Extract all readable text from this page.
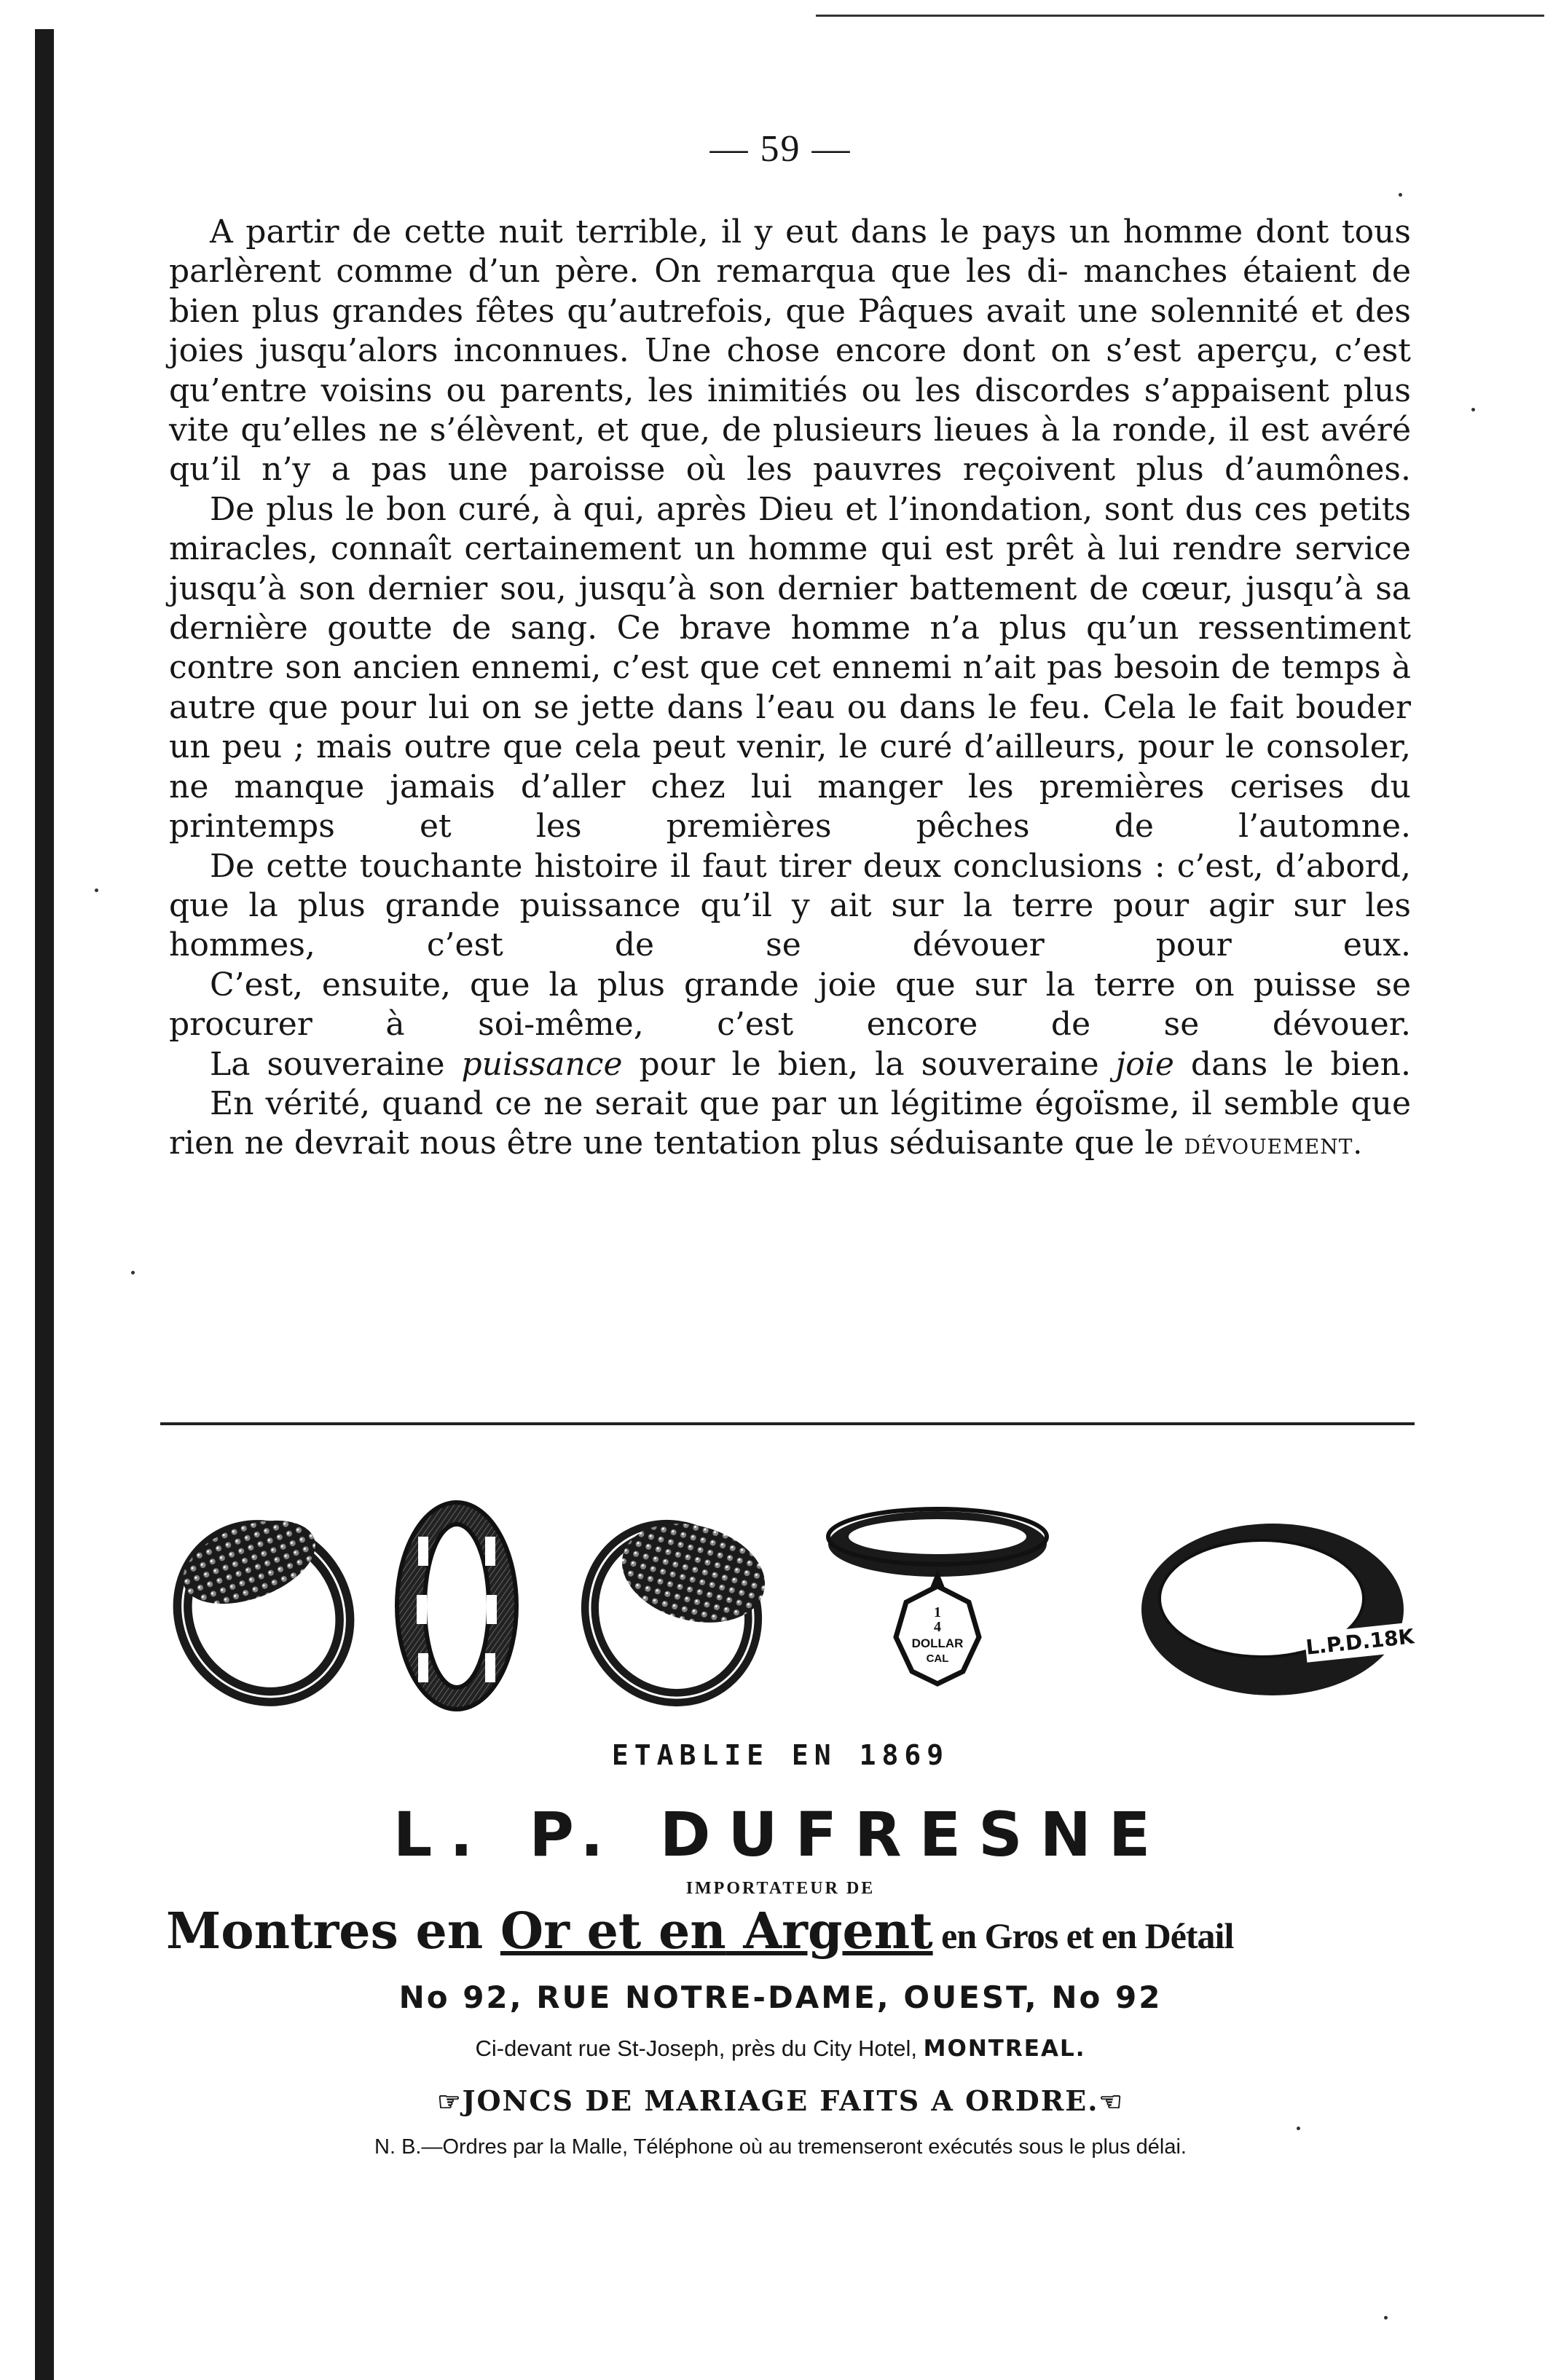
— 59 —

A partir de cette nuit terrible, il y eut dans le pays un homme dont tous parlèrent comme d’un père. On remarqua que les di- manches étaient de bien plus grandes fêtes qu’autrefois, que Pâques avait une solennité et des joies jusqu’alors inconnues. Une chose encore dont on s’est aperçu, c’est qu’entre voisins ou parents, les inimitiés ou les discordes s’appaisent plus vite qu’elles ne s’élèvent, et que, de plusieurs lieues à la ronde, il est avéré qu’il n’y a pas une paroisse où les pauvres reçoivent plus d’aumônes.

De plus le bon curé, à qui, après Dieu et l’inondation, sont dus ces petits miracles, connaît certainement un homme qui est prêt à lui rendre service jusqu’à son dernier sou, jusqu’à son dernier battement de cœur, jusqu’à sa dernière goutte de sang. Ce brave homme n’a plus qu’un ressentiment contre son ancien ennemi, c’est que cet ennemi n’ait pas besoin de temps à autre que pour lui on se jette dans l’eau ou dans le feu. Cela le fait bouder un peu ; mais outre que cela peut venir, le curé d’ailleurs, pour le consoler, ne manque jamais d’aller chez lui manger les premières cerises du printemps et les premières pêches de l’automne.

De cette touchante histoire il faut tirer deux conclusions : c’est, d’abord, que la plus grande puissance qu’il y ait sur la terre pour agir sur les hommes, c’est de se dévouer pour eux.

C’est, ensuite, que la plus grande joie que sur la terre on puisse se procurer à soi-même, c’est encore de se dévouer.

La souveraine puissance pour le bien, la souveraine joie dans le bien.

En vérité, quand ce ne serait que par un légitime égoïsme, il semble que rien ne devrait nous être une tentation plus séduisante que le dévouement.

DR.18K
1
4
DOLLAR
CAL	L.P.D.18K
ETABLIE EN 1869
L. P. DUFRESNE
IMPORTATEUR DE
Montres en Or et en Argent en Gros et en Détail
No 92, RUE NOTRE-DAME, OUEST, No 92
Ci-devant rue St-Joseph, près du City Hotel, MONTREAL.
☞JONCS DE MARIAGE FAITS A ORDRE.☜
N. B.—Ordres par la Malle, Téléphone où au tremenseront exécutés sous le plus délai.
